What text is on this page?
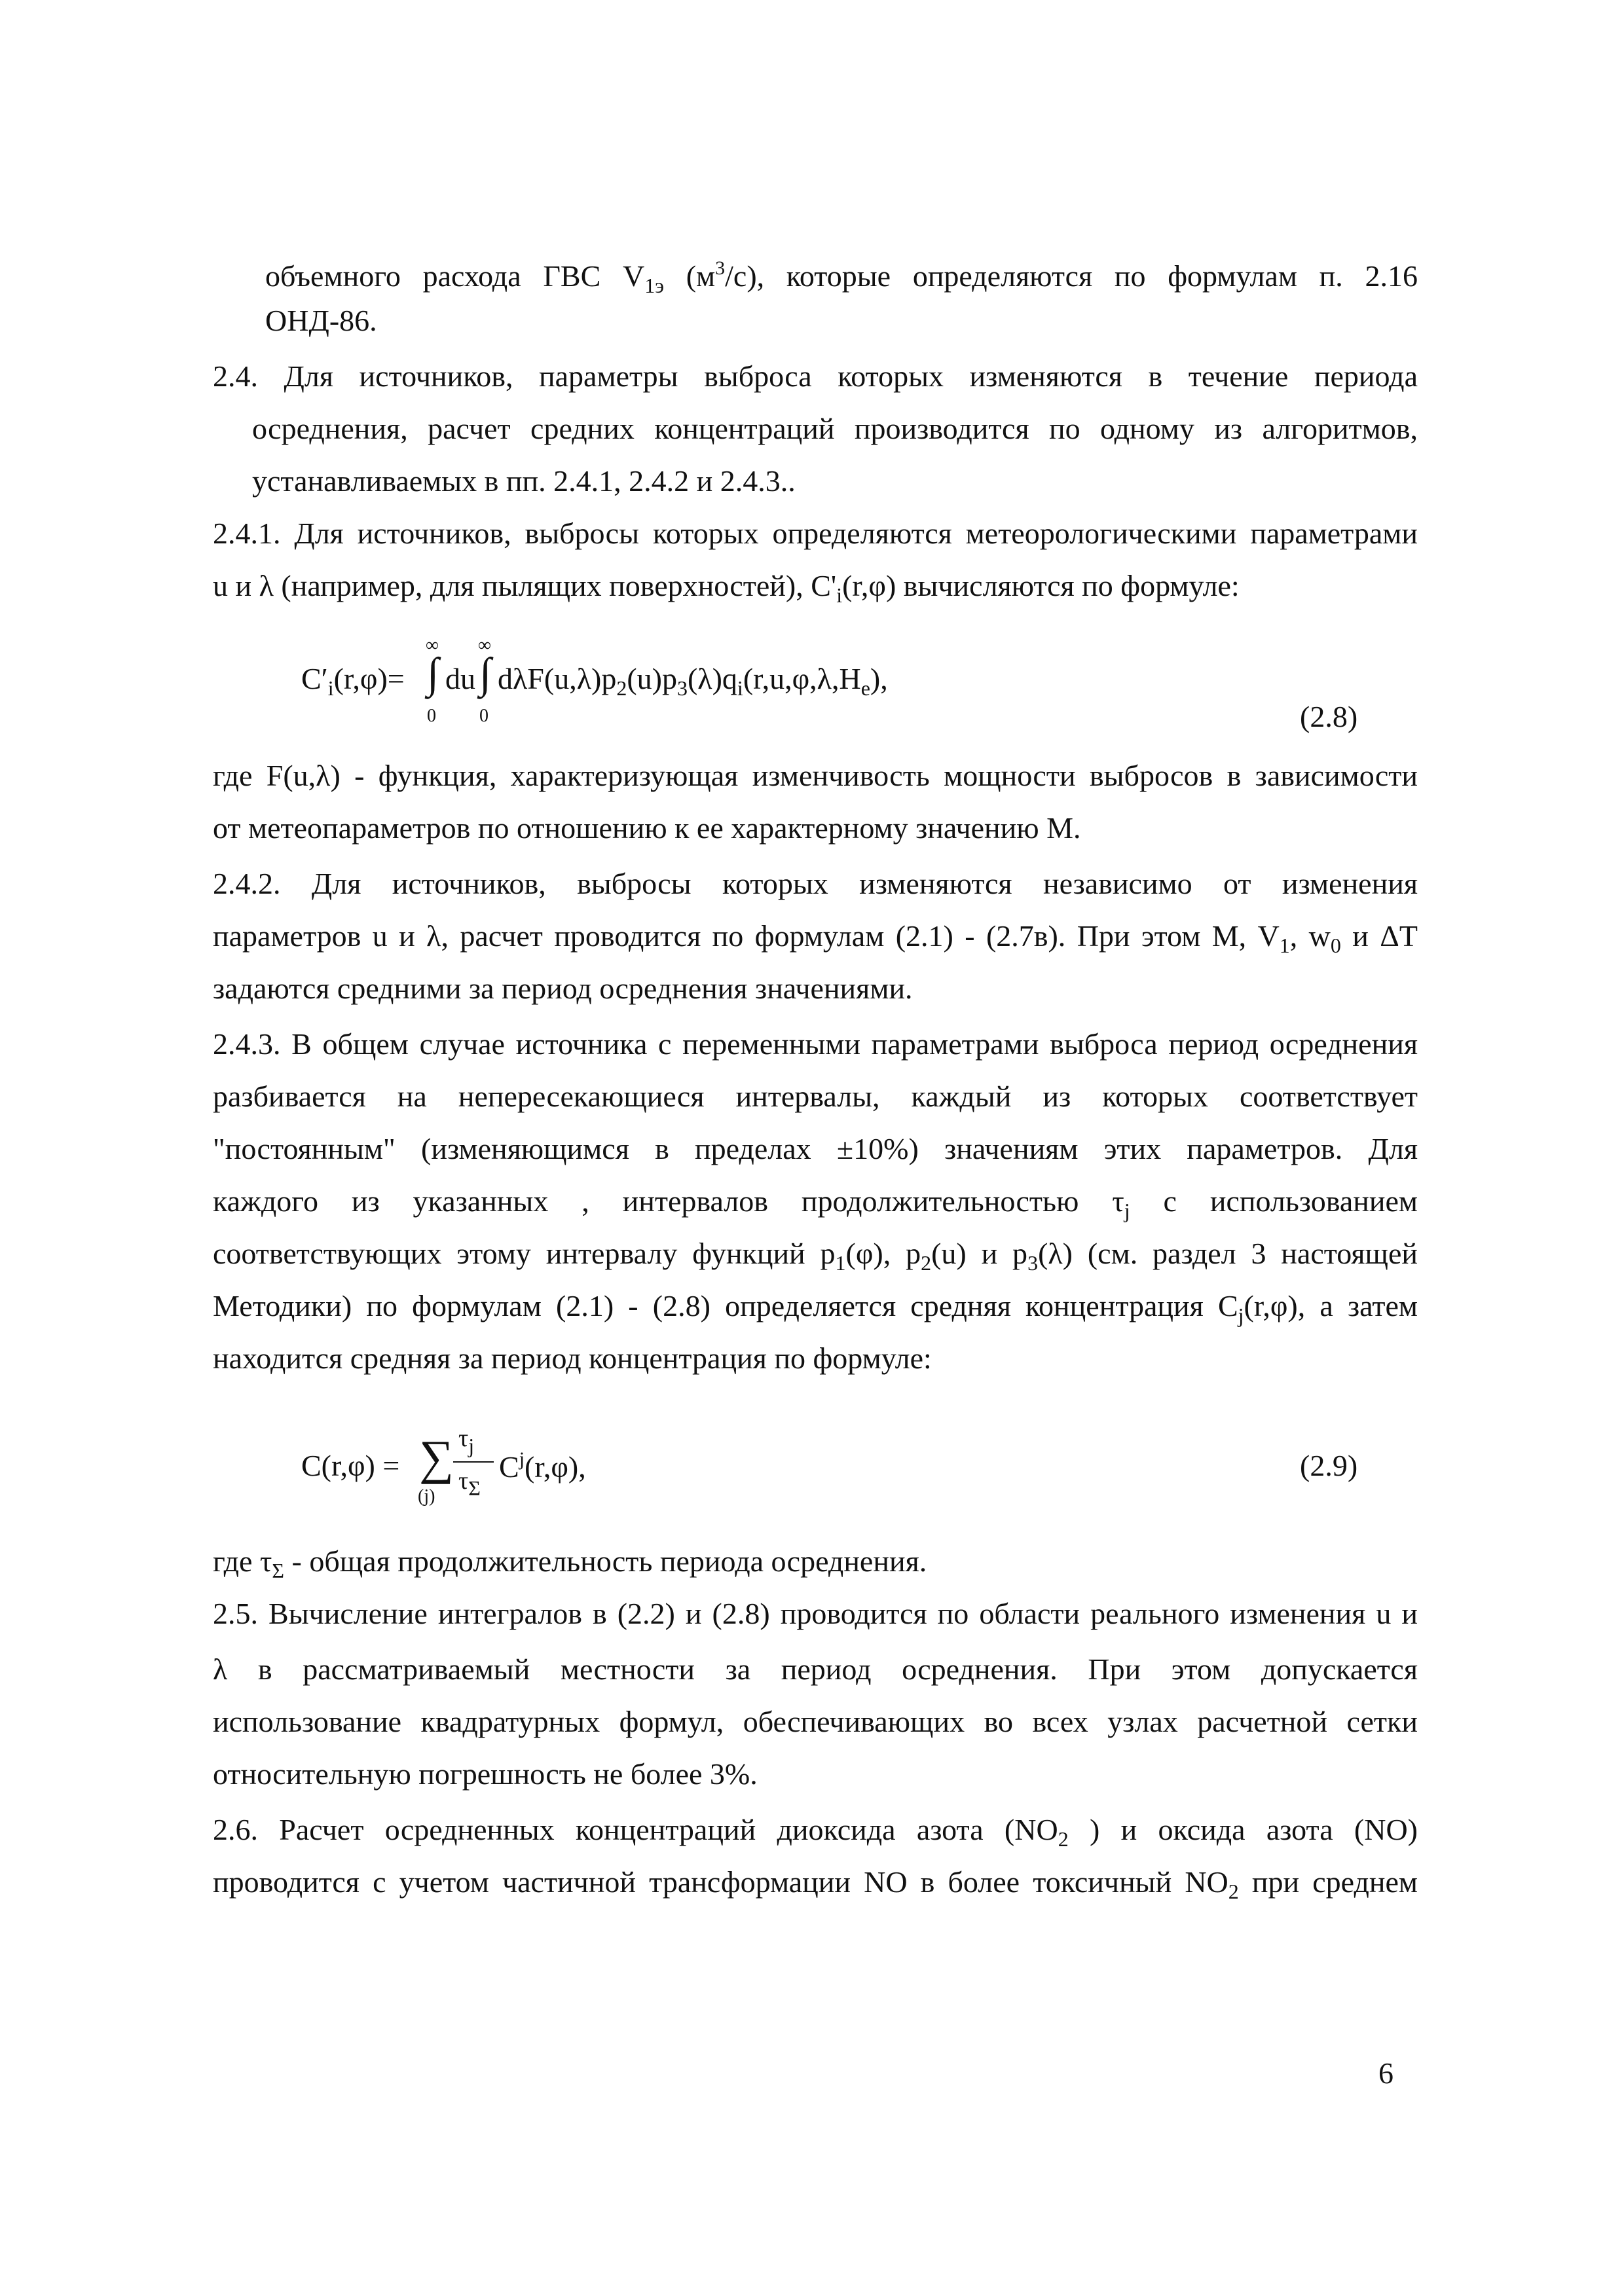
объемного расхода ГВС $V_{1э}$ $(м^3/с)$, которые определяются по формулам п. 2.16
ОНД-86.
2.4. Для источников, параметры выброса которых изменяются в течение периода
осреднения, расчет средних концентраций производится по одному из алгоритмов,
устанавливаемых в пп. 2.4.1, 2.4.2 и 2.4.3..
2.4.1. Для источников, выбросы которых определяются метеорологическими параметрами
u и λ (например, для пылящих поверхностей), $C'_i(r,\varphi)$ вычисляются по формуле:
$C'_i(r,\varphi)=$
∞
∫
0
du
∞
∫
0
$d\lambda F(u,\lambda)p_2(u)p_3(\lambda)q_i(r,u,\varphi,\lambda,H_e)$,
(2.8)
где F(u,λ) - функция, характеризующая изменчивость мощности выбросов в зависимости
от метеопараметров по отношению к ее характерному значению М.
2.4.2. Для источников, выбросы которых изменяются независимо от изменения
параметров u и λ, расчет проводится по формулам (2.1) - (2.7в). При этом М, $V_1$, $w_0$ и ΔT
задаются средними за период осреднения значениями.
2.4.3. В общем случае источника с переменными параметрами выброса период осреднения
разбивается на непересекающиеся интервалы, каждый из которых соответствует
"постоянным" (изменяющимся в пределах ±10%) значениям этих параметров. Для
каждого из указанных , интервалов продолжительностью $\tau_j$ с использованием
соответствующих этому интервалу функций $p_1(\varphi)$, $p_2(u)$ и $p_3(\lambda)$ (см. раздел 3 настоящей
Методики) по формулам (2.1) - (2.8) определяется средняя концентрация $C_j(r,\varphi)$, а затем
находится средняя за период концентрация по формуле:
C(r,φ) = ∑
(j)
$\tau_j$
$\tau_\Sigma$
$C^j(r,\varphi)$,	(2.9)
где $\tau_\Sigma$ - общая продолжительность периода осреднения.
2.5. Вычисление интегралов в (2.2) и (2.8) проводится по области реального изменения u и
λ в рассматриваемый местности за период осреднения. При этом допускается
использование квадратурных формул, обеспечивающих во всех узлах расчетной сетки
относительную погрешность не более 3%.
2.6. Расчет осредненных концентраций диоксида азота ($NO_2$ ) и оксида азота (NO)
проводится с учетом частичной трансформации NO в более токсичный $NO_2$ при среднем
6
